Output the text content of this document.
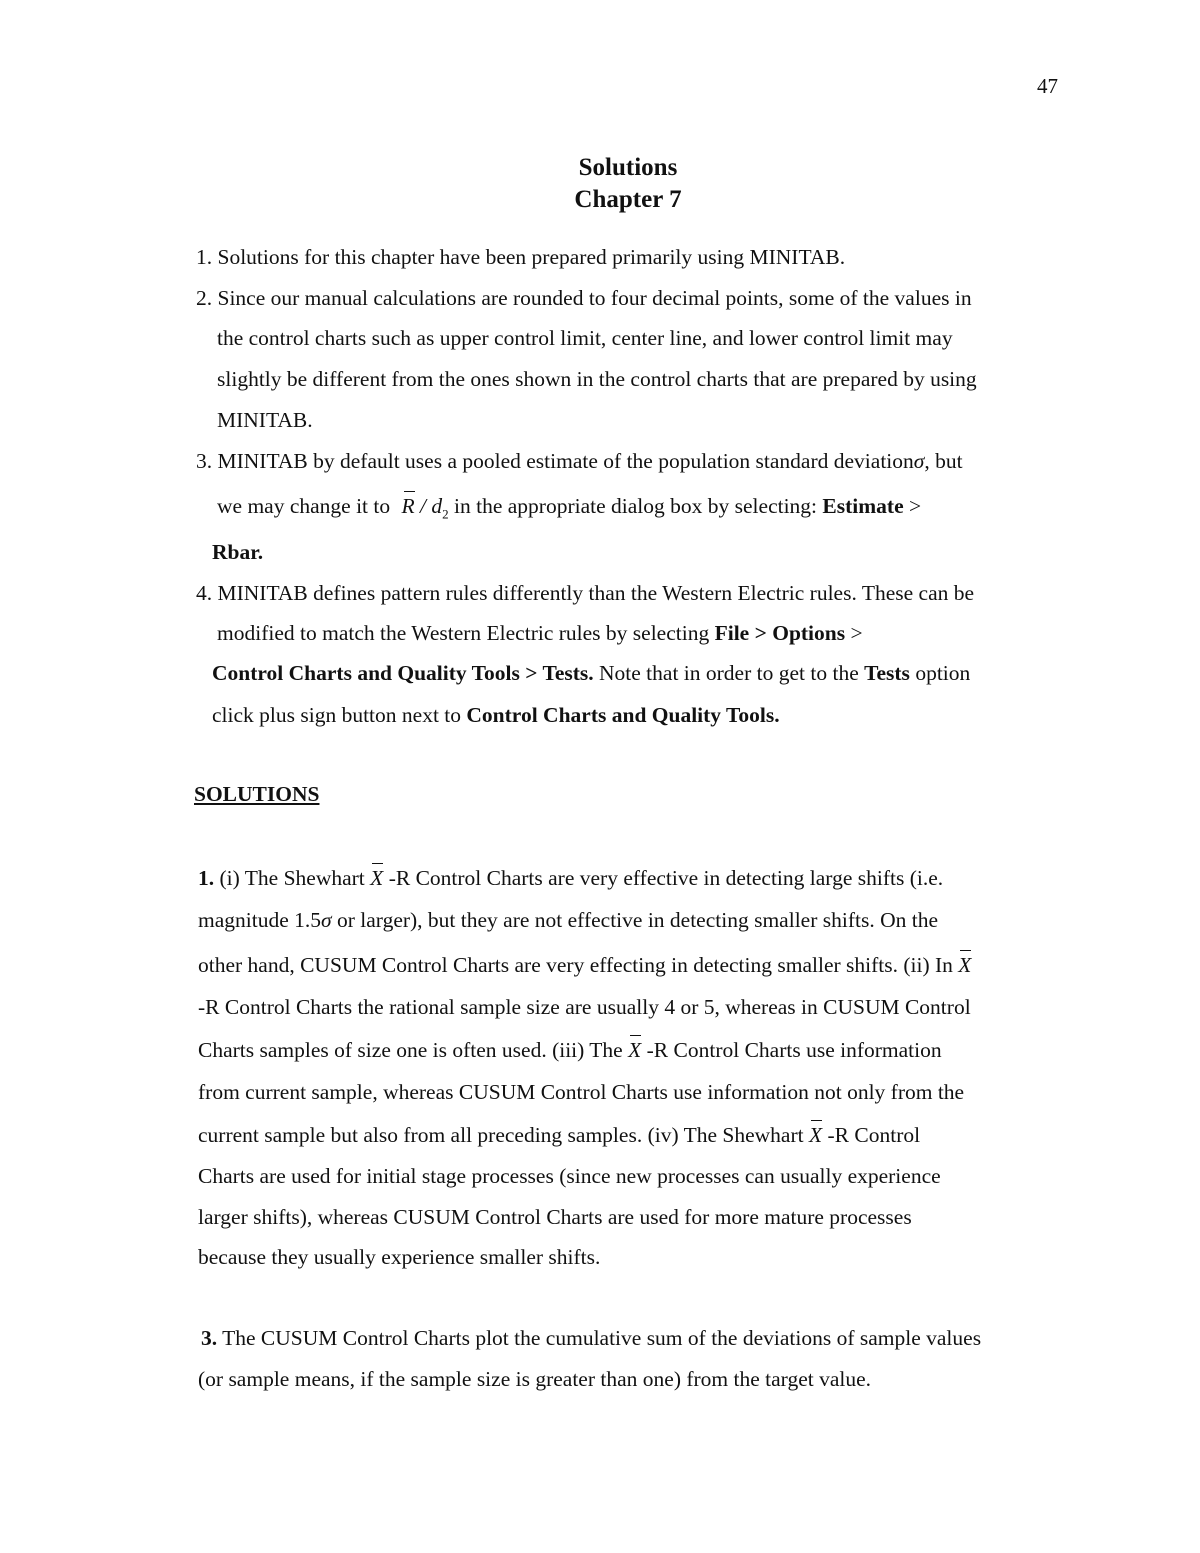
47
Solutions
Chapter 7
1. Solutions for this chapter have been prepared primarily using MINITAB.
2. Since our manual calculations are rounded to four decimal points, some of the values in
the control charts such as upper control limit, center line, and lower control limit may
slightly be different from the ones shown in the control charts that are prepared by using
MINITAB.
3. MINITAB by default uses a pooled estimate of the population standard deviationσ, but
we may change it to R / $d_2$ in the appropriate dialog box by selecting: Estimate >
Rbar.
4. MINITAB defines pattern rules differently than the Western Electric rules. These can be
modified to match the Western Electric rules by selecting File > Options >
Control Charts and Quality Tools > Tests. Note that in order to get to the Tests option
click plus sign button next to Control Charts and Quality Tools.
SOLUTIONS
1. (i) The Shewhart X -R Control Charts are very effective in detecting large shifts (i.e.
magnitude 1.5σ or larger), but they are not effective in detecting smaller shifts. On the
other hand, CUSUM Control Charts are very effecting in detecting smaller shifts. (ii) In X
-R Control Charts the rational sample size are usually 4 or 5, whereas in CUSUM Control
Charts samples of size one is often used. (iii) The X -R Control Charts use information
from current sample, whereas CUSUM Control Charts use information not only from the
current sample but also from all preceding samples. (iv) The Shewhart X -R Control
Charts are used for initial stage processes (since new processes can usually experience
larger shifts), whereas CUSUM Control Charts are used for more mature processes
because they usually experience smaller shifts.
3. The CUSUM Control Charts plot the cumulative sum of the deviations of sample values
(or sample means, if the sample size is greater than one) from the target value.
